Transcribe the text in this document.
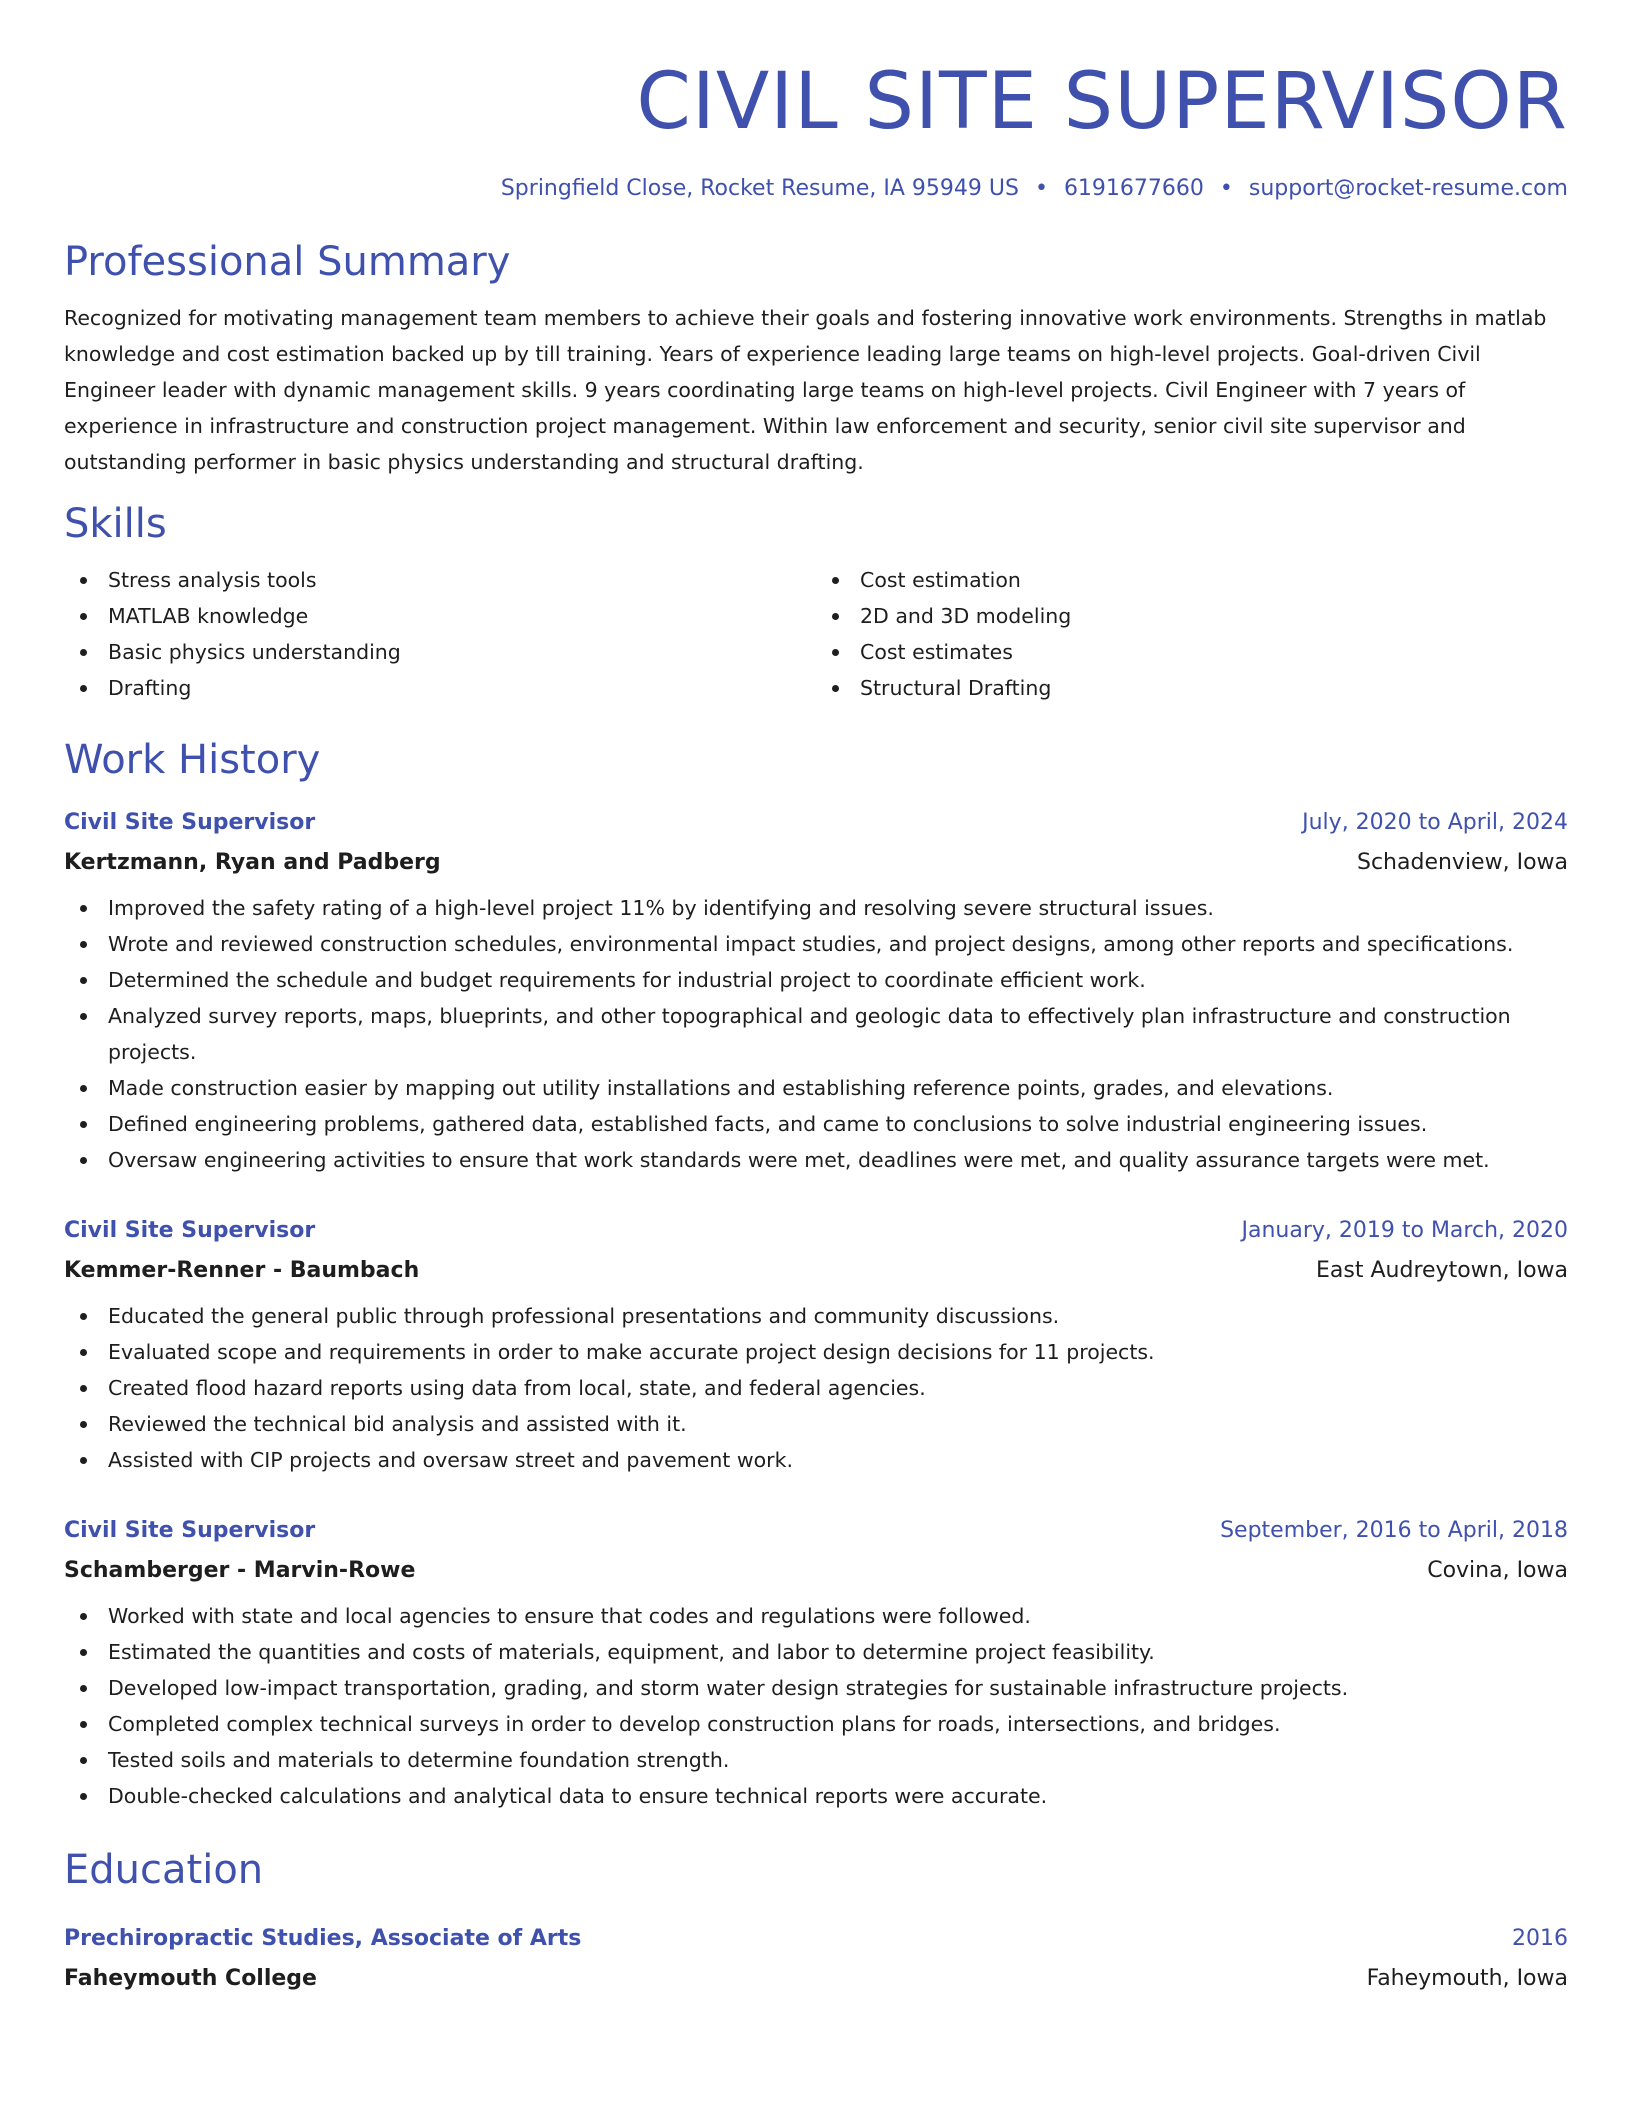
CIVIL SITE SUPERVISOR
Springfield Close, Rocket Resume, IA 95949 US • 6191677660 • support@rocket-resume.com
Professional Summary
Recognized for motivating management team members to achieve their goals and fostering innovative work environments. Strengths in matlab knowledge and cost estimation backed up by till training. Years of experience leading large teams on high-level projects. Goal-driven Civil Engineer leader with dynamic management skills. 9 years coordinating large teams on high-level projects. Civil Engineer with 7 years of experience in infrastructure and construction project management. Within law enforcement and security, senior civil site supervisor and outstanding performer in basic physics understanding and structural drafting.
Skills
Stress analysis tools
MATLAB knowledge
Basic physics understanding
Drafting
Cost estimation
2D and 3D modeling
Cost estimates
Structural Drafting
Work History
Civil Site Supervisor	July, 2020 to April, 2024
Kertzmann, Ryan and Padberg	Schadenview, Iowa
Improved the safety rating of a high-level project 11% by identifying and resolving severe structural issues.
Wrote and reviewed construction schedules, environmental impact studies, and project designs, among other reports and specifications.
Determined the schedule and budget requirements for industrial project to coordinate efficient work.
Analyzed survey reports, maps, blueprints, and other topographical and geologic data to effectively plan infrastructure and construction projects.
Made construction easier by mapping out utility installations and establishing reference points, grades, and elevations.
Defined engineering problems, gathered data, established facts, and came to conclusions to solve industrial engineering issues.
Oversaw engineering activities to ensure that work standards were met, deadlines were met, and quality assurance targets were met.
Civil Site Supervisor	January, 2019 to March, 2020
Kemmer-Renner - Baumbach	East Audreytown, Iowa
Educated the general public through professional presentations and community discussions.
Evaluated scope and requirements in order to make accurate project design decisions for 11 projects.
Created flood hazard reports using data from local, state, and federal agencies.
Reviewed the technical bid analysis and assisted with it.
Assisted with CIP projects and oversaw street and pavement work.
Civil Site Supervisor	September, 2016 to April, 2018
Schamberger - Marvin-Rowe	Covina, Iowa
Worked with state and local agencies to ensure that codes and regulations were followed.
Estimated the quantities and costs of materials, equipment, and labor to determine project feasibility.
Developed low-impact transportation, grading, and storm water design strategies for sustainable infrastructure projects.
Completed complex technical surveys in order to develop construction plans for roads, intersections, and bridges.
Tested soils and materials to determine foundation strength.
Double-checked calculations and analytical data to ensure technical reports were accurate.
Education
Prechiropractic Studies, Associate of Arts	2016
Faheymouth College	Faheymouth, Iowa
